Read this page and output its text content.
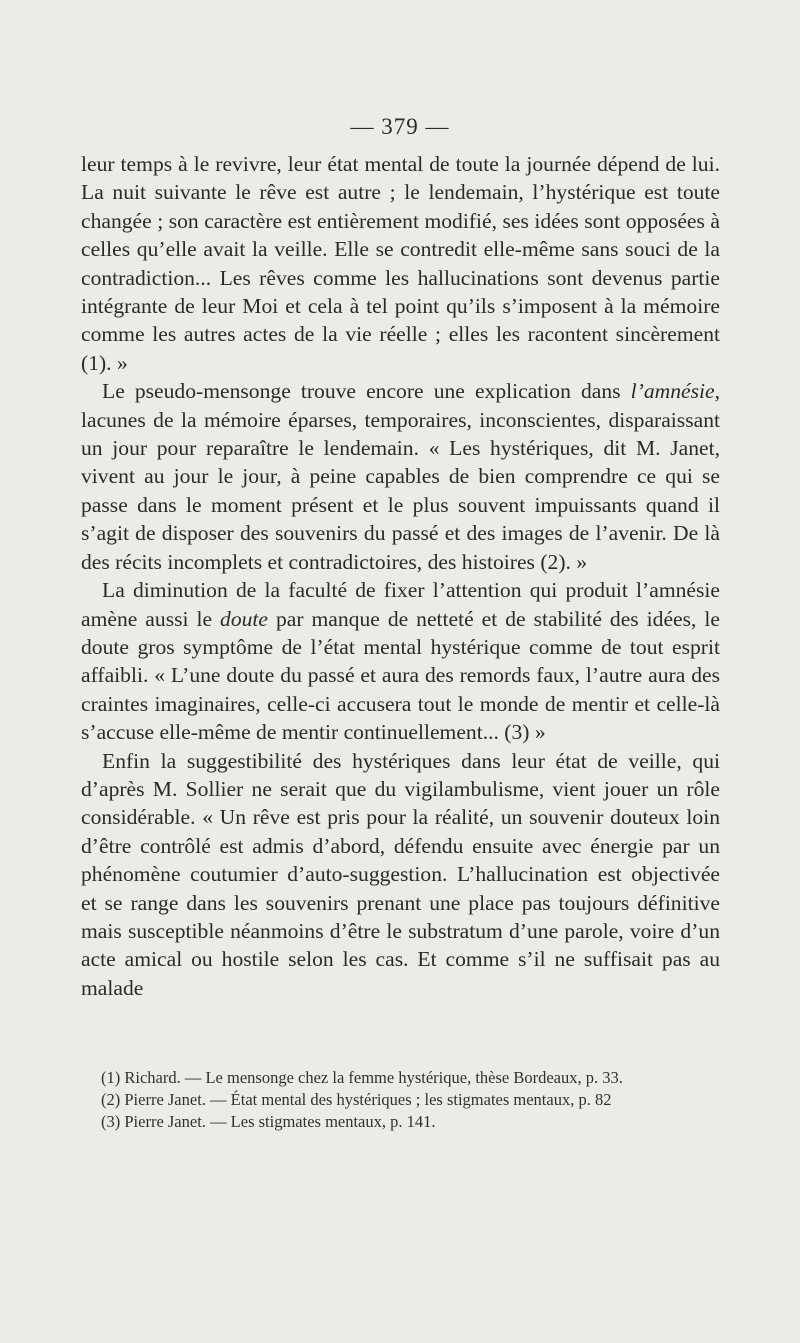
— 379 —

leur temps à le revivre, leur état mental de toute la journée dépend de lui. La nuit suivante le rêve est autre ; le lendemain, l’hystérique est toute changée ; son caractère est entièrement modifié, ses idées sont opposées à celles qu’elle avait la veille. Elle se contredit elle-même sans souci de la contradiction... Les rêves comme les hallucinations sont devenus partie intégrante de leur Moi et cela à tel point qu’ils s’imposent à la mémoire comme les autres actes de la vie réelle ; elles les racontent sincèrement (1). »

Le pseudo-mensonge trouve encore une explication dans l’amnésie, lacunes de la mémoire éparses, temporaires, inconscientes, disparaissant un jour pour reparaître le lendemain. « Les hystériques, dit M. Janet, vivent au jour le jour, à peine capables de bien comprendre ce qui se passe dans le moment présent et le plus souvent impuissants quand il s’agit de disposer des souvenirs du passé et des images de l’avenir. De là des récits incomplets et contradictoires, des histoires (2). »

La diminution de la faculté de fixer l’attention qui produit l’amnésie amène aussi le doute par manque de netteté et de stabilité des idées, le doute gros symptôme de l’état mental hystérique comme de tout esprit affaibli. « L’une doute du passé et aura des remords faux, l’autre aura des craintes imaginaires, celle-ci accusera tout le monde de mentir et celle-là s’accuse elle-même de mentir continuellement... (3) »

Enfin la suggestibilité des hystériques dans leur état de veille, qui d’après M. Sollier ne serait que du vigilambulisme, vient jouer un rôle considérable. « Un rêve est pris pour la réalité, un souvenir douteux loin d’être contrôlé est admis d’abord, défendu ensuite avec énergie par un phénomène coutumier d’auto-suggestion. L’hallucination est objectivée et se range dans les souvenirs prenant une place pas toujours définitive mais susceptible néanmoins d’être le substratum d’une parole, voire d’un acte amical ou hostile selon les cas. Et comme s’il ne suffisait pas au malade

(1) Richard. — Le mensonge chez la femme hystérique, thèse Bordeaux, p. 33.

(2) Pierre Janet. — État mental des hystériques ; les stigmates mentaux, p. 82

(3) Pierre Janet. — Les stigmates mentaux, p. 141.
